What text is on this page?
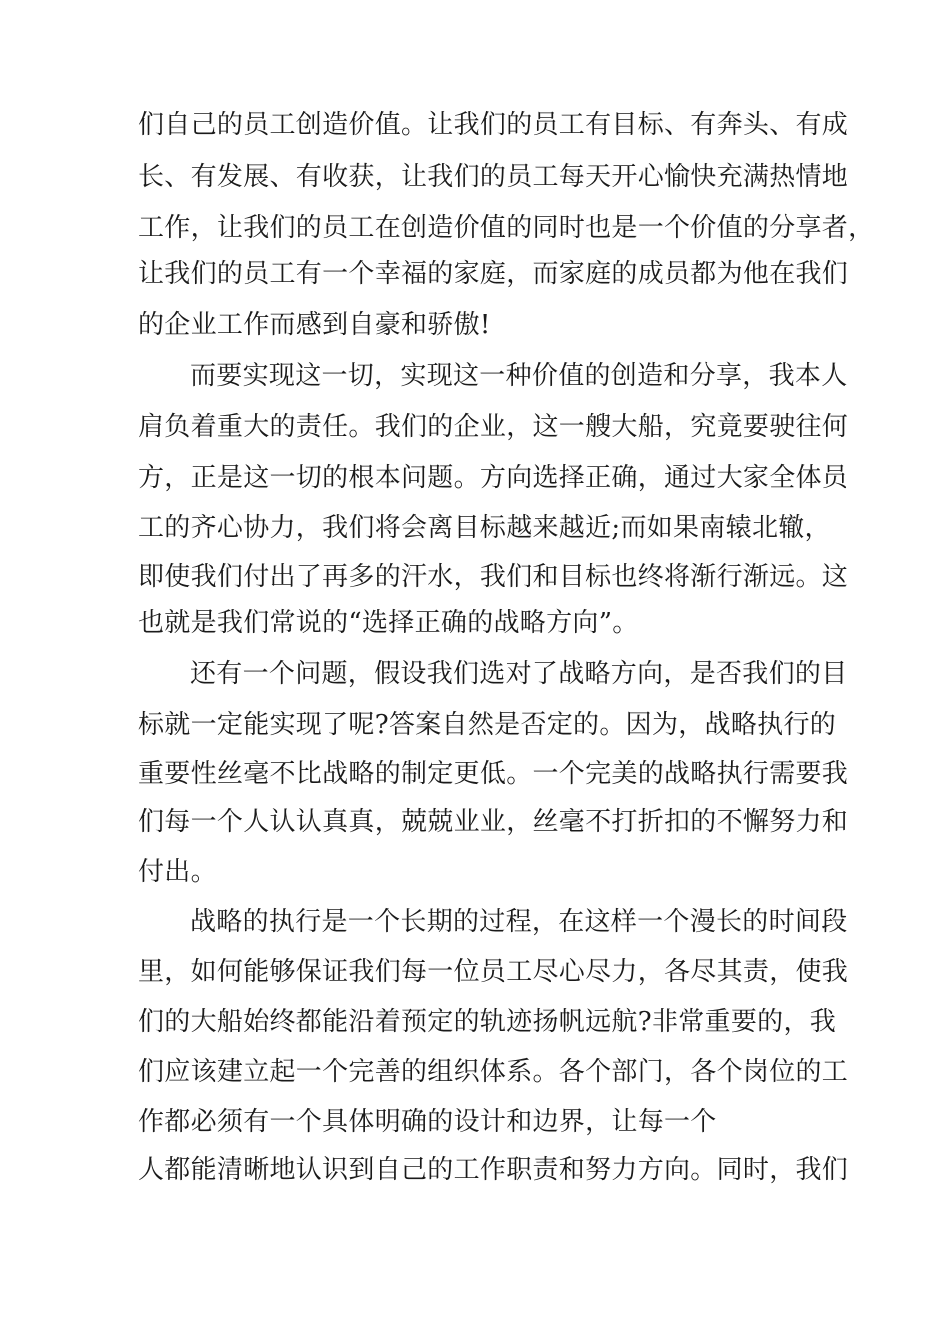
们自己的员工创造价值。让我们的员工有目标、有奔头、有成
长、有发展、有收获，让我们的员工每天开心愉快充满热情地
工作，让我们的员工在创造价值的同时也是一个价值的分享者，
让我们的员工有一个幸福的家庭，而家庭的成员都为他在我们
的企业工作而感到自豪和骄傲!
而要实现这一切，实现这一种价值的创造和分享，我本人
肩负着重大的责任。我们的企业，这一艘大船，究竟要驶往何
方，正是这一切的根本问题。方向选择正确，通过大家全体员
工的齐心协力，我们将会离目标越来越近;而如果南辕北辙，
即使我们付出了再多的汗水，我们和目标也终将渐行渐远。这
也就是我们常说的“选择正确的战略方向”。
还有一个问题，假设我们选对了战略方向，是否我们的目
标就一定能实现了呢?答案自然是否定的。因为，战略执行的
重要性丝毫不比战略的制定更低。一个完美的战略执行需要我
们每一个人认认真真，兢兢业业，丝毫不打折扣的不懈努力和
付出。
战略的执行是一个长期的过程，在这样一个漫长的时间段
里，如何能够保证我们每一位员工尽心尽力，各尽其责，使我
们的大船始终都能沿着预定的轨迹扬帆远航?非常重要的，我
们应该建立起一个完善的组织体系。各个部门，各个岗位的工
作都必须有一个具体明确的设计和边界，让每一个
人都能清晰地认识到自己的工作职责和努力方向。同时，我们
